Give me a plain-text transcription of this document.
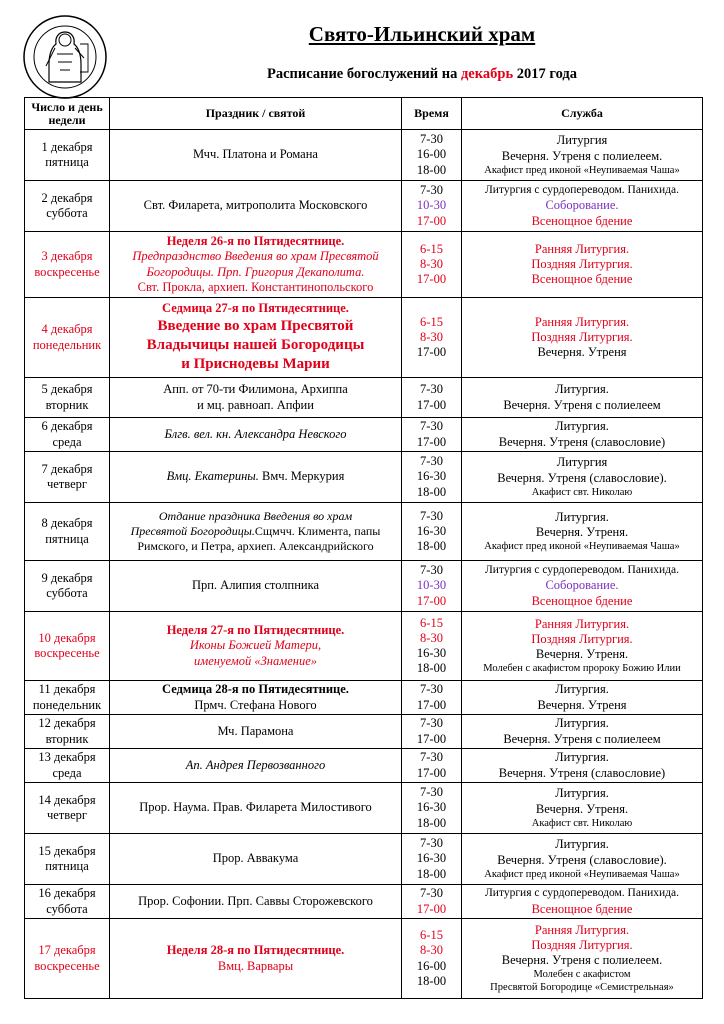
Свято-Ильинский храм
Расписание богослужений на декабрь 2017 года
Число и день недели	Праздник / святой	Время	Служба

1 декабря
пятница	Мчч. Платона и Романа	7-30
16-00
18-00	Литургия
Вечерня. Утреня с полиелеем.
Акафист пред иконой «Неупиваемая Чаша»

2 декабря
суббота	Свт. Филарета, митрополита Московского	7-30
10-30
17-00	Литургия с сурдопереводом. Панихида.
Соборование.
Всенощное бдение

3 декабря
воскресенье	Неделя 26-я по Пятидесятнице.
Предпразднство Введения во храм Пресвятой
Богородицы. Прп. Григория Декаполита.
Свт. Прокла, архиеп. Константинопольского	6-15
8-30
17-00	Ранняя Литургия.
Поздняя Литургия.
Всенощное бдение

4 декабря
понедельник	Седмица 27-я по Пятидесятнице.
Введение во храм Пресвятой
Владычицы нашей Богородицы
и Приснодевы Марии	6-15
8-30
17-00	Ранняя Литургия.
Поздняя Литургия.
Вечерня. Утреня

5 декабря
вторник	Апп. от 70-ти Филимона, Архиппа
и мц. равноап. Апфии	7-30
17-00	Литургия.
Вечерня. Утреня с полиелеем

6 декабря
среда	Блгв. вел. кн. Александра Невского	7-30
17-00	Литургия.
Вечерня. Утреня (славословие)

7 декабря
четверг	Вмц. Екатерины. Вмч. Меркурия	7-30
16-30
18-00	Литургия
Вечерня. Утреня (славословие).
Акафист свт. Николаю

8 декабря
пятница	Отдание праздника Введения во храм
Пресвятой Богородицы.Сщмчч. Климента, папы
Римского, и Петра, архиеп. Александрийского	7-30
16-30
18-00	Литургия.
Вечерня. Утреня.
Акафист пред иконой «Неупиваемая Чаша»

9 декабря
суббота	Прп. Алипия столпника	7-30
10-30
17-00	Литургия с сурдопереводом. Панихида.
Соборование.
Всенощное бдение

10 декабря
воскресенье	Неделя 27-я по Пятидесятнице.
Иконы Божией Матери,
именуемой «Знамение»	6-15
8-30
16-30
18-00	Ранняя Литургия.
Поздняя Литургия.
Вечерня. Утреня.
Молебен с акафистом пророку Божию Илии

11 декабря
понедельник	Седмица 28-я по Пятидесятнице.
Прмч. Стефана Нового	7-30
17-00	Литургия.
Вечерня. Утреня

12 декабря
вторник	Мч. Парамона	7-30
17-00	Литургия.
Вечерня. Утреня с полиелеем

13 декабря
среда	Ап. Андрея Первозванного	7-30
17-00	Литургия.
Вечерня. Утреня (славословие)

14 декабря
четверг	Прор. Наума. Прав. Филарета Милостивого	7-30
16-30
18-00	Литургия.
Вечерня. Утреня.
Акафист свт. Николаю

15 декабря
пятница	Прор. Аввакума	7-30
16-30
18-00	Литургия.
Вечерня. Утреня (славословие).
Акафист пред иконой «Неупиваемая Чаша»

16 декабря
суббота	Прор. Софонии. Прп. Саввы Сторожевского	7-30
17-00	Литургия с сурдопереводом. Панихида.
Всенощное бдение

17 декабря
воскресенье	Неделя 28-я по Пятидесятнице.
Вмц. Варвары	6-15
8-30
16-00
18-00	Ранняя Литургия.
Поздняя Литургия.
Вечерня. Утреня с полиелеем.
Молебен с акафистом
Пресвятой Богородице «Семистрельная»
